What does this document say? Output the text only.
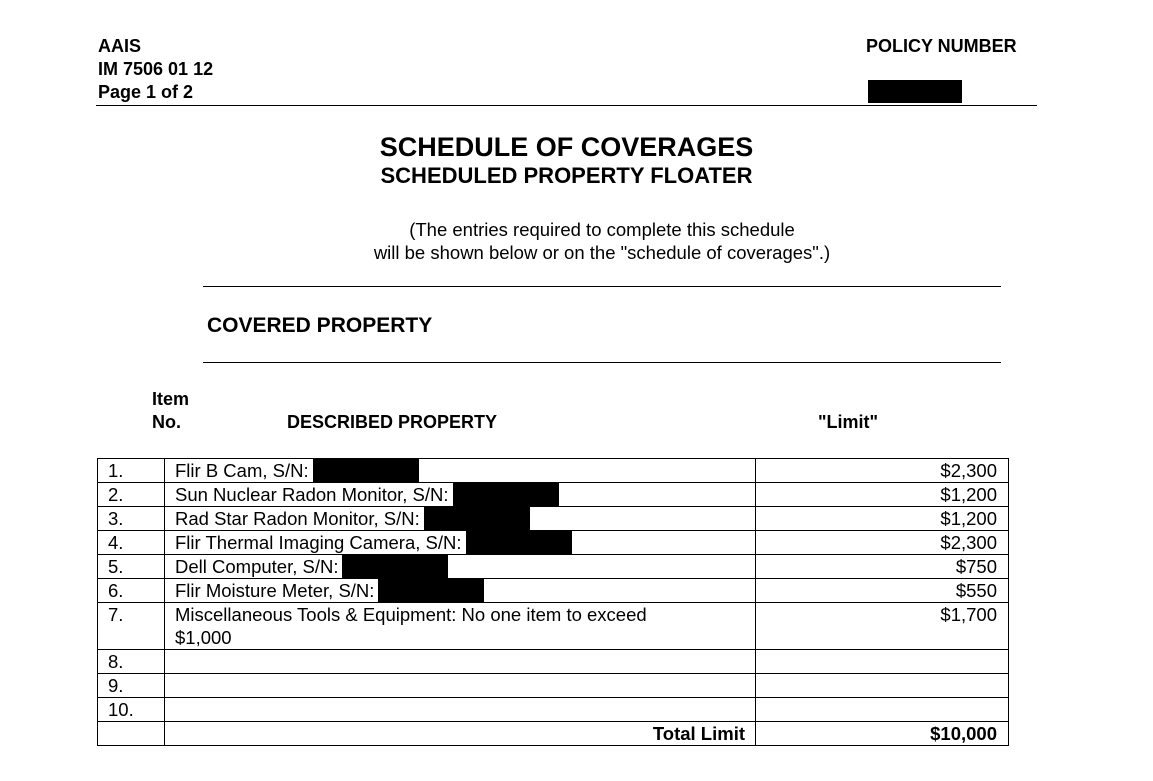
AAIS
IM 7506 01 12
Page 1 of 2
POLICY NUMBER
SCHEDULE OF COVERAGES
SCHEDULED PROPERTY FLOATER
(The entries required to complete this schedule
will be shown below or on the "schedule of coverages".)
COVERED PROPERTY
Item
No.	DESCRIBED PROPERTY	"Limit"
1.	Flir B Cam, S/N:	$2,300
2.	Sun Nuclear Radon Monitor, S/N:	$1,200
3.	Rad Star Radon Monitor, S/N:	$1,200
4.	Flir Thermal Imaging Camera, S/N:	$2,300
5.	Dell Computer, S/N:	$750
6.	Flir Moisture Meter, S/N:	$550
7.	Miscellaneous Tools & Equipment: No one item to exceed
$1,000	$1,700
8.		
9.		
10.		
	Total Limit	$10,000
